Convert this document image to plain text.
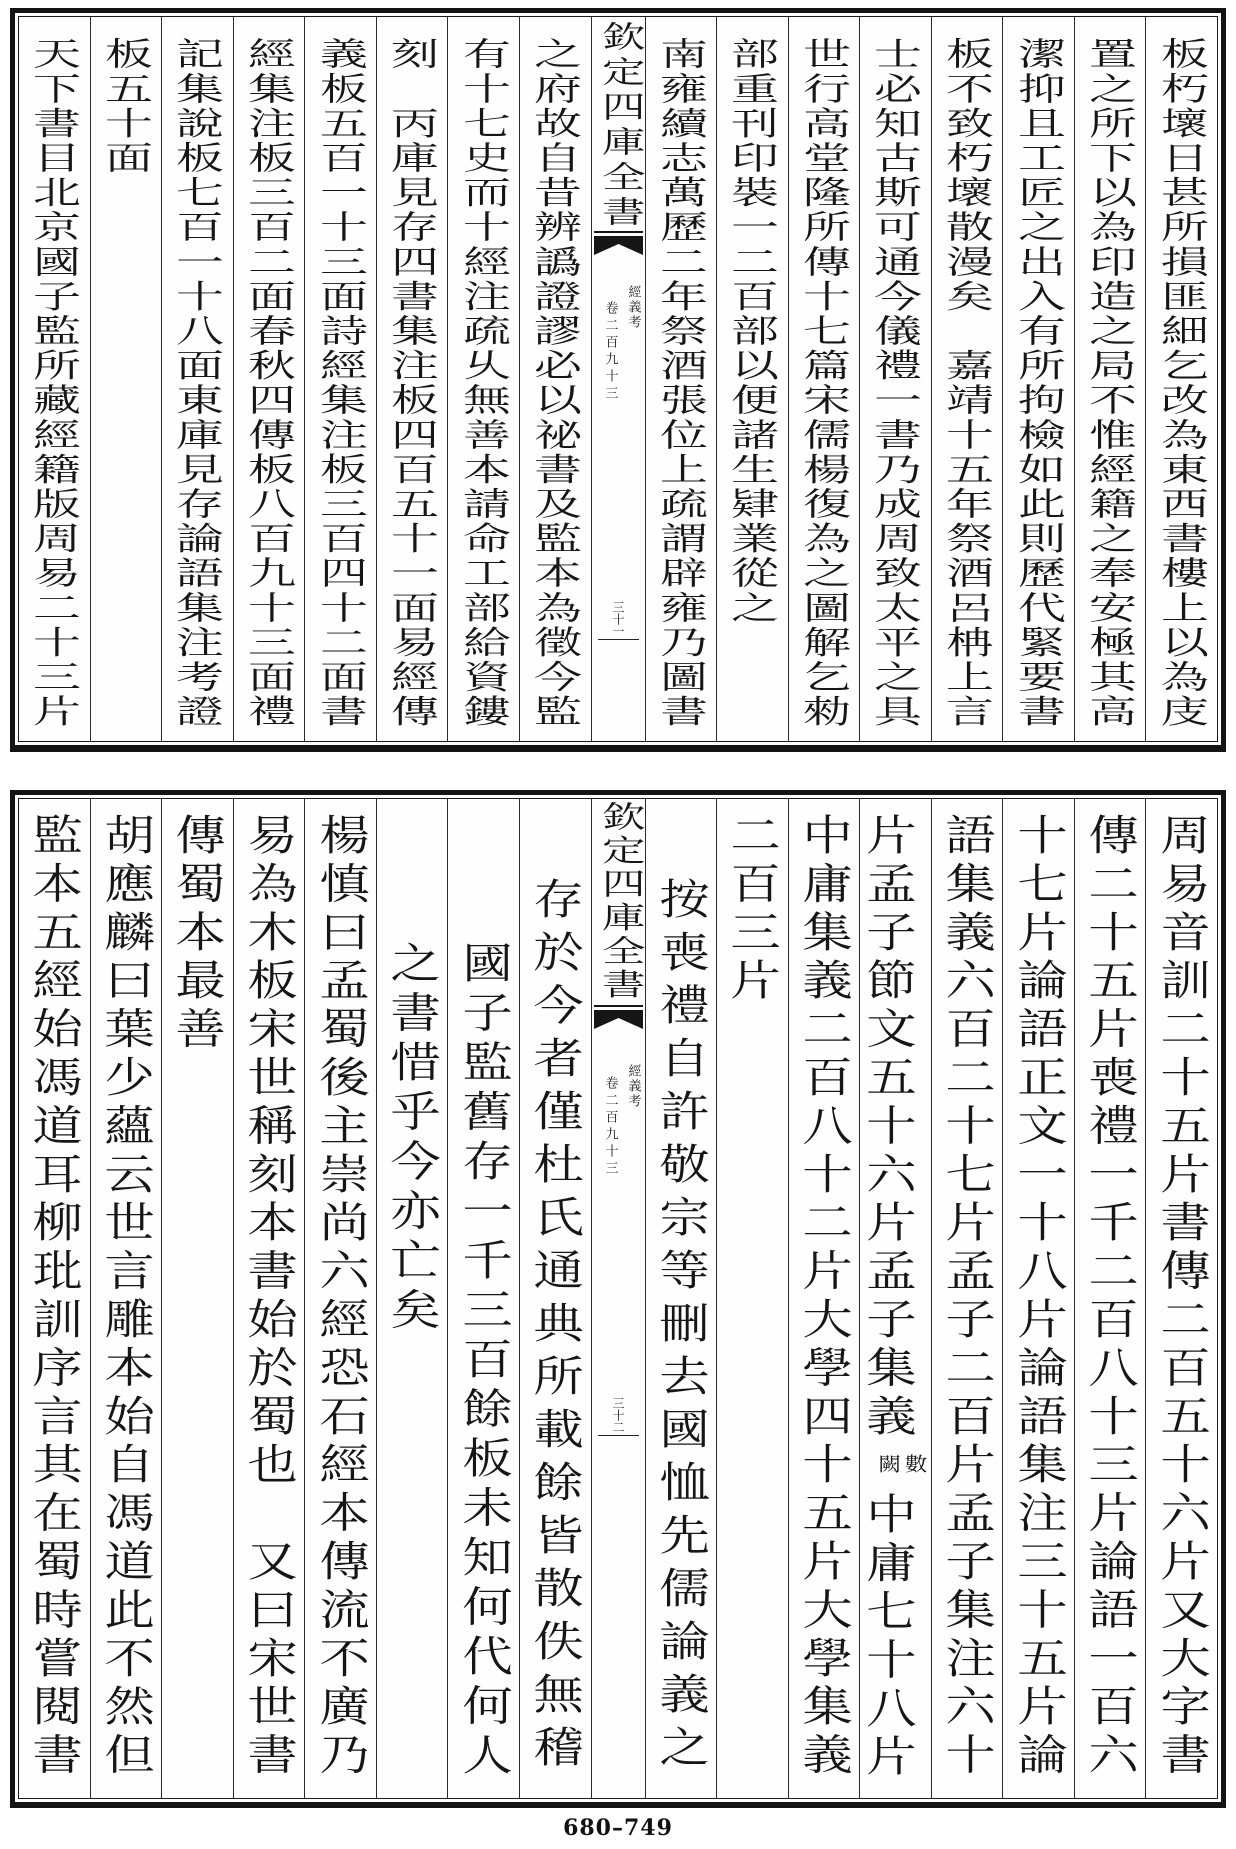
板朽壞日甚所損匪細乞改為東西書樓上以為庋
置之所下以為印造之局不惟經籍之奉安極其高
潔抑且工匠之出入有所拘檢如此則歷代緊要書
板不致朽壞散漫矣　嘉靖十五年祭酒呂柟上言
士必知古斯可通今儀禮一書乃成周致太平之具
世行高堂隆所傳十七篇宋儒楊復為之圖解乞勑
部重刊印裝一二百部以便諸生肄業從之
南雍續志萬歷二年祭酒張位上疏謂辟雍乃圖書
欽定四庫全書
經義考
卷二百九十三
三十一
之府故自昔辨譌證謬必以祕書及監本為徵今監
有十七史而十經注疏乆無善本請命工部給資鏤
刻　丙庫見存四書集注板四百五十一面易經傳
義板五百一十三面詩經集注板三百四十二面書
經集注板三百二面春秋四傳板八百九十三面禮
記集說板七百一十八面東庫見存論語集注考證
板五十面
天下書目北京國子監所藏經籍版周易二十三片
周易音訓二十五片書傳二百五十六片又大字書
傳二十五片喪禮一千二百八十三片論語一百六
十七片論語正文一十八片論語集注三十五片論
語集義六百二十七片孟子二百片孟子集注六十
片孟子節文五十六片孟子集義數闕中庸七十八片
中庸集義二百八十二片大學四十五片大學集義
二百三片
按喪禮自許敬宗等刪去國恤先儒論義之
欽定四庫全書
經義考
卷二百九十三
三十二
存於今者僅杜氏通典所載餘皆散佚無稽
國子監舊存一千三百餘板未知何代何人
之書惜乎今亦亡矣
楊慎曰孟蜀後主崇尚六經恐石經本傳流不廣乃
易為木板宋世稱刻本書始於蜀也　又曰宋世書
傳蜀本最善
胡應麟曰葉少蘊云世言雕本始自馮道此不然但
監本五經始馮道耳柳玭訓序言其在蜀時嘗閱書
680–749
